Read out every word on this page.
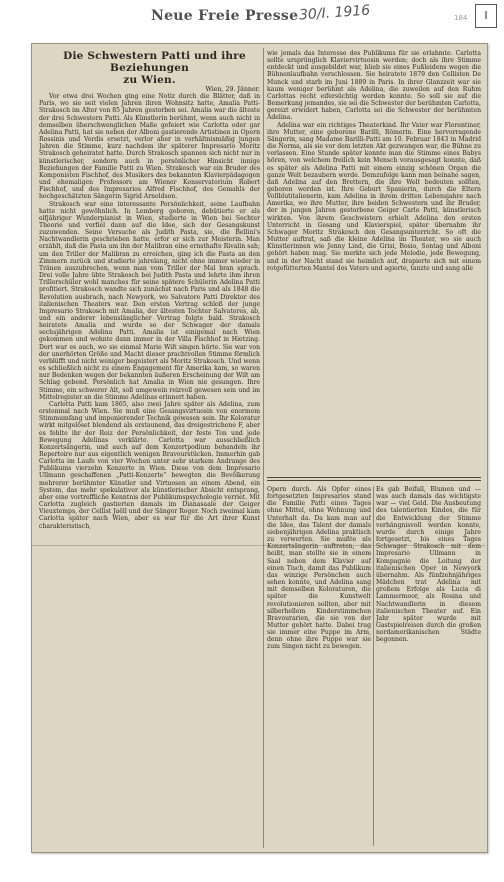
Neue Freie Presse 30/I. 1916	184	I

Die Schwestern Patti und ihre Beziehungen
zu Wien.

Wien, 29. Jänner.

Vor etwa drei Wochen ging eine Notiz durch die Blätter, daß in Paris, wo sie seit vielen Jahren ihren Wohnsitz hatte, Amalia Patti-Strakosch im Alter von 85 Jahren gestorben sei. Amalia war die älteste der drei Schwestern Patti. Als Künstlerin berühmt, wenn auch nicht in demselben überschwenglichen Maße gefeiert wie Carlotta oder gar Adelina Patti, hat sie neben der Alboni gastierende Artistinen in Opern Rossinis und Verdis ersetzt, verlor aber in verhältnismäßig jungen Jahren die Stimme, kurz nachdem ihr späterer Impresario Moritz Strakosch geheiratet hatte. Durch Strakosch spannen sich nicht nur in künstlerischer, sondern auch in persönlicher Hinsicht innige Beziehungen der Familie Patti zu Wien. Strakosch war ein Bruder des Komponisten Fischhof, des Musikers des bekannten Klavierpädagogen und ehemaligen Professors am Wiener Konservatorium Robert Fischhof, und des Impresarios Alfred Fischhof, des Gemahls der hochgeschätzten Sängerin Sigrid Arnoldson.

Strakosch war eine interessante Persönlichkeit, seine Laufbahn hatte nicht gewöhnlich. In Lemberg geboren, debütierte er als elfjähriger Wunderpianist in Wien, studierte in Wien bei Sechter Theorie und verfiel dann auf die Idee, sich der Gesangskunst zuzuwenden. Seine Versuche als Judith Pasta, sie, die Bellini's Nachtwandlerin geschrieben hatte, erfor er sich zur Meisterin. Man erzählt, daß die Pasta um ihn der Malibran eine ernsthafte Rivalin sah; um den Triller der Malibran zu erreichen, ging ich die Pasta an den Zimmern zurück und studierte jahrelang, nicht ohne immer wieder in Tränen auszubrechen, wenn man vom Triller der Mal bran sprach. Drei volle Jahre übte Strakosch bei Judith Pasta und lehrte ihm ihren Trillerschüler wohl manches für seine spätere Schülerin Adelina Patti profitiert. Strakosch wandte sich zunächst nach Paris und als 1848 die Revolution ausbrach, nach Newyork, wo Salvatore Patti Direktor des italienischen Theaters war. Den ersten Vertrag schloß der junge Impresario Strakosch mit Amalia, der ältesten Tochter Salvatores, ab, und ein anderer lebenslänglicher Vertrag folgte bald. Strakosch heiratete Amalia und wurde so der Schwager der damals sechsjährigen Adelina Patti. Amalia ist einigemal nach Wien gekommen und wohnte dann immer in der Villa Fischhof in Hietzing. Dort war es auch, wo sie einmal Marie Wilt singen hörte. Sie war von der unerhörten Größe und Macht dieser prachtvollen Stimme förmlich verblüfft und nicht weniger begeistert als Moritz Strakosch. Und wenn es schließlich nicht zu einem Engagement für Amerika kam, so waren nur Bedenken wegen der bekannten äußeren Erscheinung der Wilt am Schlag gebend. Persönlich hat Amalia in Wien nie gesungen. Ihre Stimme, ein schwerer Alt, soll umgewein reizvoll gewesen sein und im Mittelregister an die Stimme Adelinas erinnert haben.

Carlotta Patti kam 1865, also zwei Jahre später als Adelina, zum erstenmal nach Wien. Sie muß eine Gesangsvirtuosin von enormem Stimmumfang und imponierender Technik gewesen sein. Ihr Koloratur wirkt mitgelöset blendend als erstaunend, das dreigestrichene F, aber es fehlte ihr der Reiz der Persönlichkeit, der feste Ton und jede Bewegung Adelinas verklärte. Carlotta war ausschließlich Konzertsängerin, und auch auf dem Konzertpodium behandeln ihr Repertoire nur aus eigentlich wenigen Bravourstücken. Immerhin gab Carlotta im Laufe von vier Wochen unter sehr starkem Andrange des Publikums vierzehn Konzerte in Wien. Diese von dem Impresario Ullmann geschaffenen „Patti-Konzerte“ bewegten die Bevölkerung mehrerer berühmter Künstler und Virtuosen an einem Abend, ein System, das mehr spekulativer als künstlerischer Absicht entsprang, aber eine vortreffliche Kenntnis der Publikumspsychologie verriet. Mit Carlotta zugleich gastierten damals im Dianasaale der Geiger Vieuxtemps, der Cellist Jaëll und der Sänger Roger. Noch zweimal kam Carlotta später nach Wien, aber es war für die Art ihrer Kunst charakteristisch,

wie jemals das Interesse des Publikums für sie erlahmte. Carlotta sollte ursprünglich Klaviervirtuosin werden; doch als ihre Stimme entdeckt und ausgebildet war, blieb sie eines Fußleidens wegen die Bühnenlaufbahn verschlossen. Sie heiratete 1879 den Cellisten De Munck und starb im Juni 1889 in Paris. In ihrer Glanzzeit war sie kaum weniger berühmt als Adelina, die zuweilen auf den Ruhm Carlottas recht eifersüchtig werden konnte. So soll sie auf die Bemerkung jemandes, sie sei die Schwester der berühmten Carlotta, gereizt erwidert haben, Carlotta sei die Schwester der berühmten Adelina.

Adelina war ein richtiges Theaterkind. Ihr Vater war Florentiner, ihre Mutter, eine geborene Barilli, Römerin. Eine hervorragende Sängerin, sang Madame Barilli-Patti am 10. Februar 1843 in Madrid die Norma, als sie vor dem letzten Akt gezwungen war, die Bühne zu verlassen. Eine Stunde später konnte man die Stimme eines Babys hören, von welchem freilich kein Mensch vorausgesagt konnte, daß es später als Adelina Patti mit einem einzig schönen Organ die ganze Welt bezaubern werde. Demzufolge kann man beinahe sagen, daß Adelina auf den Brettern, die ihre Welt bedeuten sollten, geboren worden ist. Ihre Geburt Spanierin, durch die Eltern Vollblutitalienerin, kam Adelina in ihrem dritten Lebensjahre nach Amerika, wo ihre Mutter, ihre beiden Schwestern und ihr Bruder, der in jungen Jahren gestorbene Geiger Carlo Patti, künstlerisch wirkten. Von ihrem Geschwistern erhielt Adelina den ersten Unterricht in Gesang und Klavierspiel, später übernahm ihr Schwager Moritz Strakosch den Gesangsunterricht. So oft die Mutter auftrat, saß die kleine Adelina im Theater, wo sie auch Künstlerinnen wie Jenny Lind, die Grisi, Bosio, Sontag und Alboni gehört haben mag. Sie merkte sich jede Melodie, jede Bewegung, und in der Nacht stand sie heimlich auf, drapierte sich mit einem rotgefütterten Mantel des Vaters und agierte, tanzte und sang alle

Opern durch. Als Opfer eines fortgesetzten Impresarios stand die Familie Patti eines Tages ohne Mittel, ohne Wohnung und Unterhalt da. Da kam man auf die Idee, das Talent der damals siebenjährigen Adelina praktisch zu verwerten. Sie mußte als Konzertsängerin auftreten, das heißt, man stellte sie in einem Saal neben dem Klavier auf einen Tisch, damit das Publikum das winzige Persönchen auch sehen konnte, und Adelina sang mit demselben Koloraturen, die später die Kunstwelt revolutionieren sollten, aber mit silberhellem Kinderstimmchen Bravourarien, die sie von der Mutter gehört hatte. Dabei trug sie immer eine Puppe im Arm, denn ohne ihre Puppe war sie zum Singen nicht zu bewegen.

Es gab Beifall, Blumen und — was auch damals das wichtigste war — viel Geld. Die Ausbeutung des talentierten Kindes, die für die Entwicklung der Stimme verhängnisvoll werden konnte, wurde durch einige Jahre fortgesetzt, bis eines Tages Schwager Strakosch mit dem Impresario Ullmann in Kompagnie die Leitung der italienischen Oper in Newyork übernahm. Als fünfzehnjähriges Mädchen trat Adelina mit großem Erfolge als Lucia di Lammermoor, als Rosina und Nachtwandlerin in diesem italienischen Theater auf. Ein Jahr später wurde mit Gastspielreisen durch die großen nordamerikanischen Städte begonnen.
